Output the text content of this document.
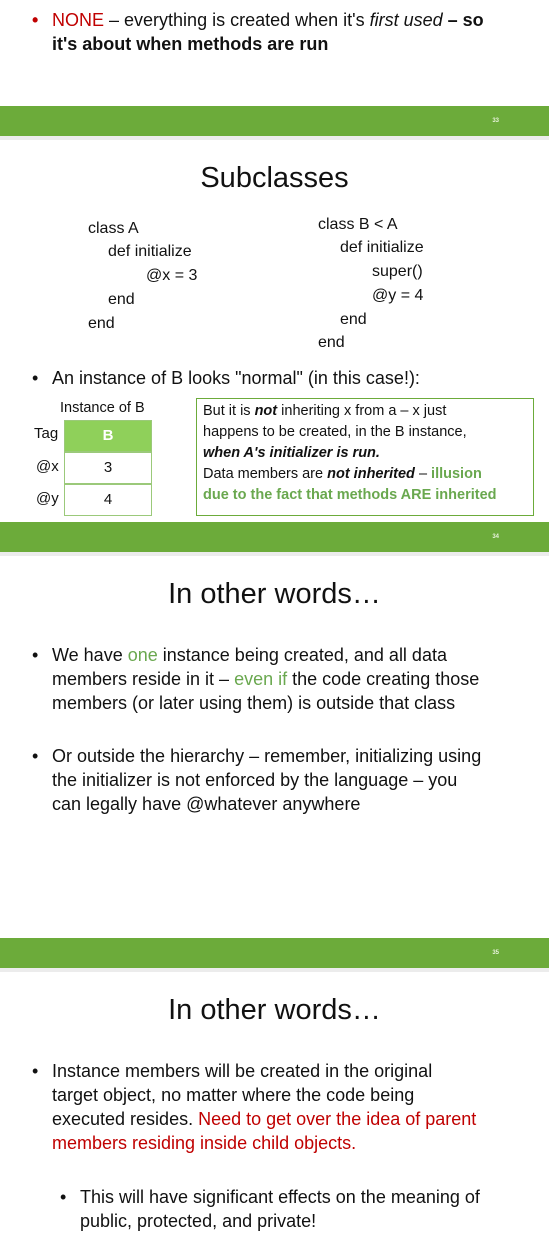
• NONE – everything is created when it's first used – so
it's about when methods are run
33
Subclasses
class A
def initialize
@x = 3
end
end
class B < A
def initialize
super()
@y = 4
end
end
• An instance of B looks "normal" (in this case!):
Instance of B
Tag
@x
@y
B
3
4
But it is not inheriting x from a – x just
happens to be created, in the B instance,
when A's initializer is run.
Data members are not inherited – illusion
due to the fact that methods ARE inherited
34
In other words…
• We have one instance being created, and all data
members reside in it – even if the code creating those
members (or later using them) is outside that class
• Or outside the hierarchy – remember, initializing using
the initializer is not enforced by the language – you
can legally have @whatever anywhere
35
In other words…
• Instance members will be created in the original
target object, no matter where the code being
executed resides. Need to get over the idea of parent
members residing inside child objects.
• This will have significant effects on the meaning of
public, protected, and private!
